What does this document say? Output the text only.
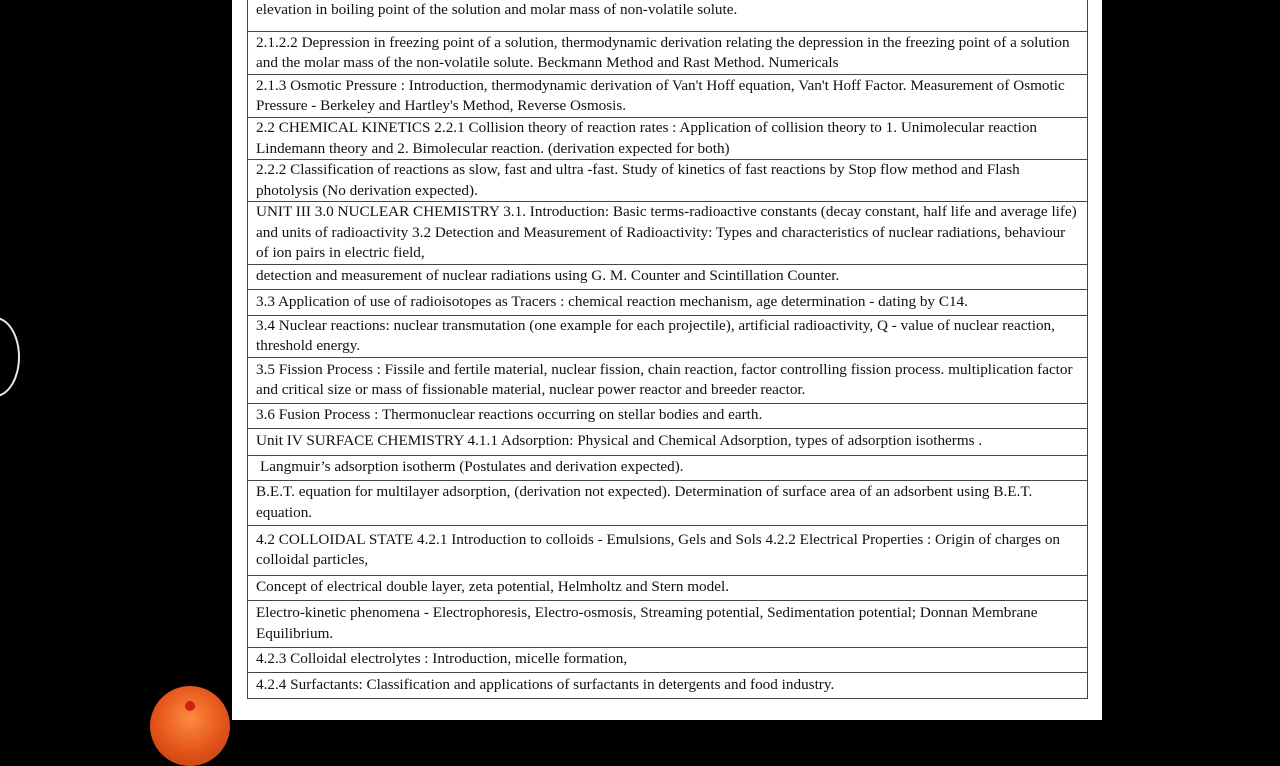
elevation in boiling point of the solution and molar mass of non-volatile solute.
2.1.2.2 Depression in freezing point of a solution, thermodynamic derivation relating the depression in the freezing point of a solution and the molar mass of the non-volatile solute. Beckmann Method and Rast Method. Numericals
2.1.3 Osmotic Pressure : Introduction, thermodynamic derivation of Van't Hoff equation, Van't Hoff Factor. Measurement of Osmotic Pressure - Berkeley and Hartley's Method, Reverse Osmosis.
2.2 CHEMICAL KINETICS 2.2.1 Collision theory of reaction rates : Application of collision theory to 1. Unimolecular reaction Lindemann theory and 2. Bimolecular reaction. (derivation expected for both)
2.2.2 Classification of reactions as slow, fast and ultra -fast. Study of kinetics of fast reactions by Stop flow method and Flash photolysis (No derivation expected).
UNIT III 3.0 NUCLEAR CHEMISTRY 3.1. Introduction: Basic terms-radioactive constants (decay constant, half life and average life) and units of radioactivity 3.2 Detection and Measurement of Radioactivity: Types and characteristics of nuclear radiations, behaviour of ion pairs in electric field,
detection and measurement of nuclear radiations using G. M. Counter and Scintillation Counter.
3.3 Application of use of radioisotopes as Tracers : chemical reaction mechanism, age determination - dating by C14.
3.4 Nuclear reactions: nuclear transmutation (one example for each projectile), artificial radioactivity, Q - value of nuclear reaction, threshold energy.
3.5 Fission Process : Fissile and fertile material, nuclear fission, chain reaction, factor controlling fission process. multiplication factor and critical size or mass of fissionable material, nuclear power reactor and breeder reactor.
3.6 Fusion Process : Thermonuclear reactions occurring on stellar bodies and earth.
Unit IV SURFACE CHEMISTRY 4.1.1 Adsorption: Physical and Chemical Adsorption, types of adsorption isotherms .
Langmuir’s adsorption isotherm (Postulates and derivation expected).
B.E.T. equation for multilayer adsorption, (derivation not expected). Determination of surface area of an adsorbent using B.E.T. equation.
4.2 COLLOIDAL STATE 4.2.1 Introduction to colloids - Emulsions, Gels and Sols 4.2.2 Electrical Properties : Origin of charges on colloidal particles,
Concept of electrical double layer, zeta potential, Helmholtz and Stern model.
Electro-kinetic phenomena - Electrophoresis, Electro-osmosis, Streaming potential, Sedimentation potential; Donnan Membrane Equilibrium.
4.2.3 Colloidal electrolytes : Introduction, micelle formation,
4.2.4 Surfactants: Classification and applications of surfactants in detergents and food industry.
